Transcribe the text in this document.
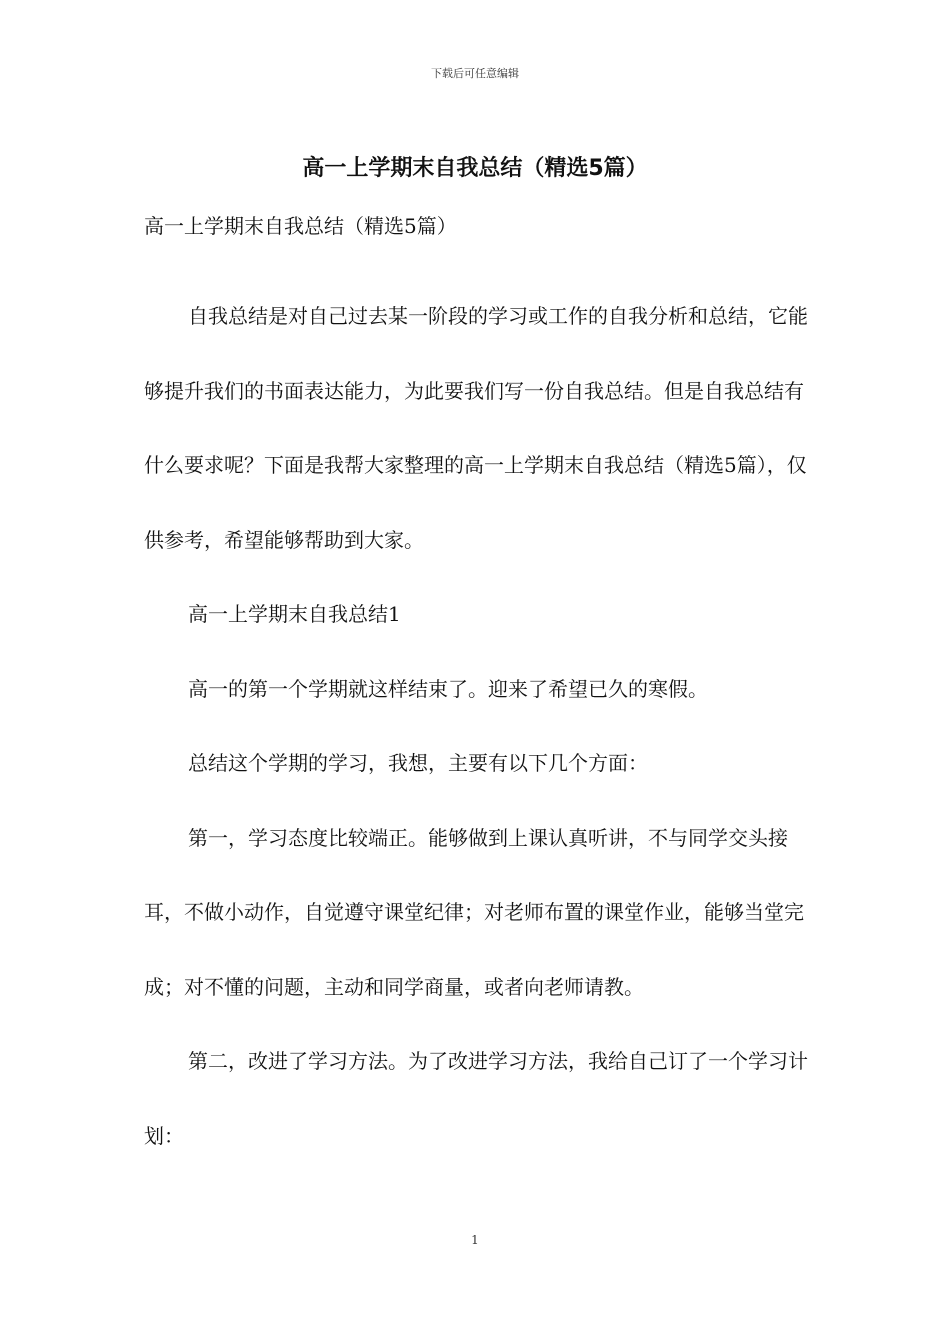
下载后可任意编辑
高一上学期末自我总结（精选5篇）

高一上学期末自我总结（精选5篇）

自我总结是对自己过去某一阶段的学习或工作的自我分析和总结，它能够提升我们的书面表达能力，为此要我们写一份自我总结。但是自我总结有什么要求呢？下面是我帮大家整理的高一上学期末自我总结（精选5篇），仅供参考，希望能够帮助到大家。

高一上学期末自我总结1

高一的第一个学期就这样结束了。迎来了希望已久的寒假。

总结这个学期的学习，我想，主要有以下几个方面：

第一，学习态度比较端正。能够做到上课认真听讲，不与同学交头接耳，不做小动作，自觉遵守课堂纪律；对老师布置的课堂作业，能够当堂完成；对不懂的问题，主动和同学商量，或者向老师请教。

第二，改进了学习方法。为了改进学习方法，我给自己订了一个学习计划：

1
